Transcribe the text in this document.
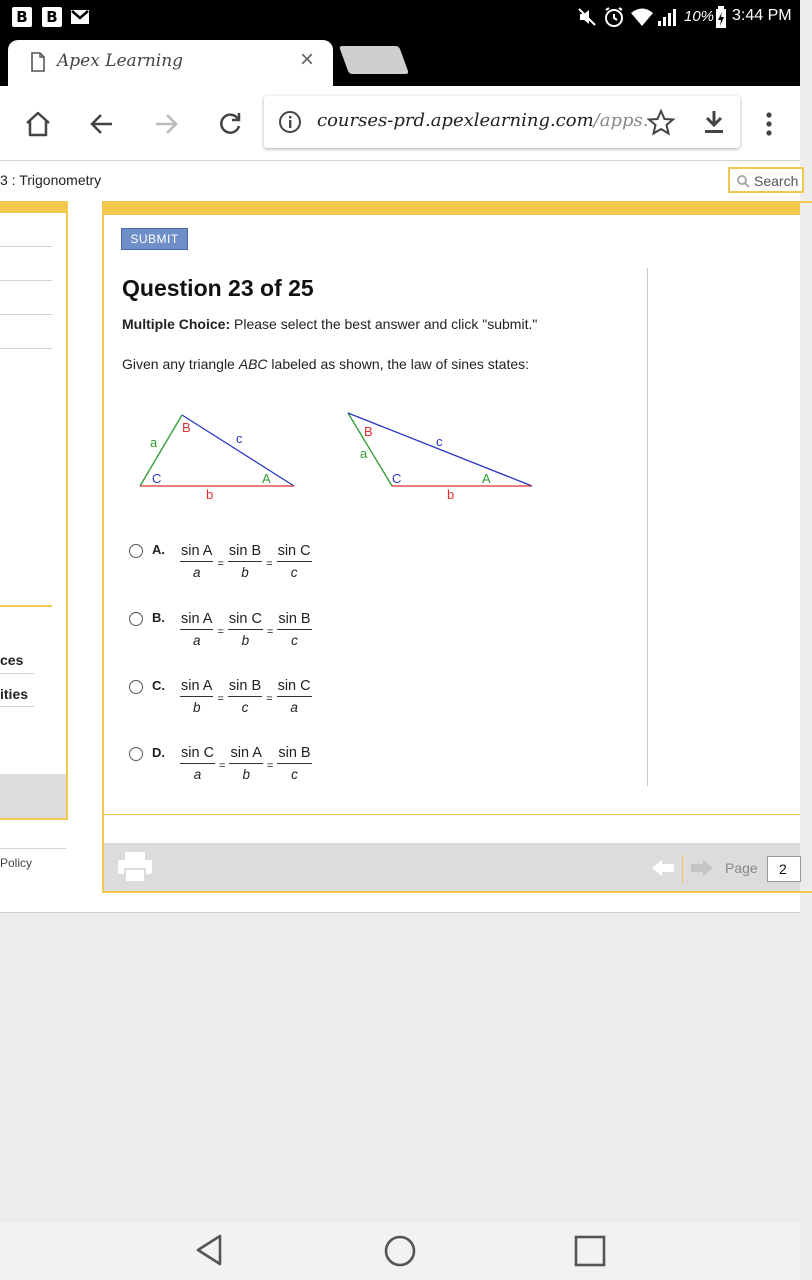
B B	10% 3:44 PM
Apex Learning	×
courses-prd.apexlearning.com/apps.
3 : Trigonometry	Search
ces
ities
Policy
SUBMIT
Question 23 of 25
Multiple Choice: Please select the best answer and click "submit."
Given any triangle ABC labeled as shown, the law of sines states:
B
C	A
a	c
b
B
C	A
a
c
b
A. $\frac{\text{sin A}}{a} = \frac{\text{sin B}}{b} = \frac{\text{sin C}}{c}$
B. $\frac{\text{sin A}}{a} = \frac{\text{sin C}}{b} = \frac{\text{sin B}}{c}$
C. $\frac{\text{sin A}}{b} = \frac{\text{sin B}}{c} = \frac{\text{sin C}}{a}$
D. $\frac{\text{sin C}}{a} = \frac{\text{sin A}}{b} = \frac{\text{sin B}}{c}$
Page	2
